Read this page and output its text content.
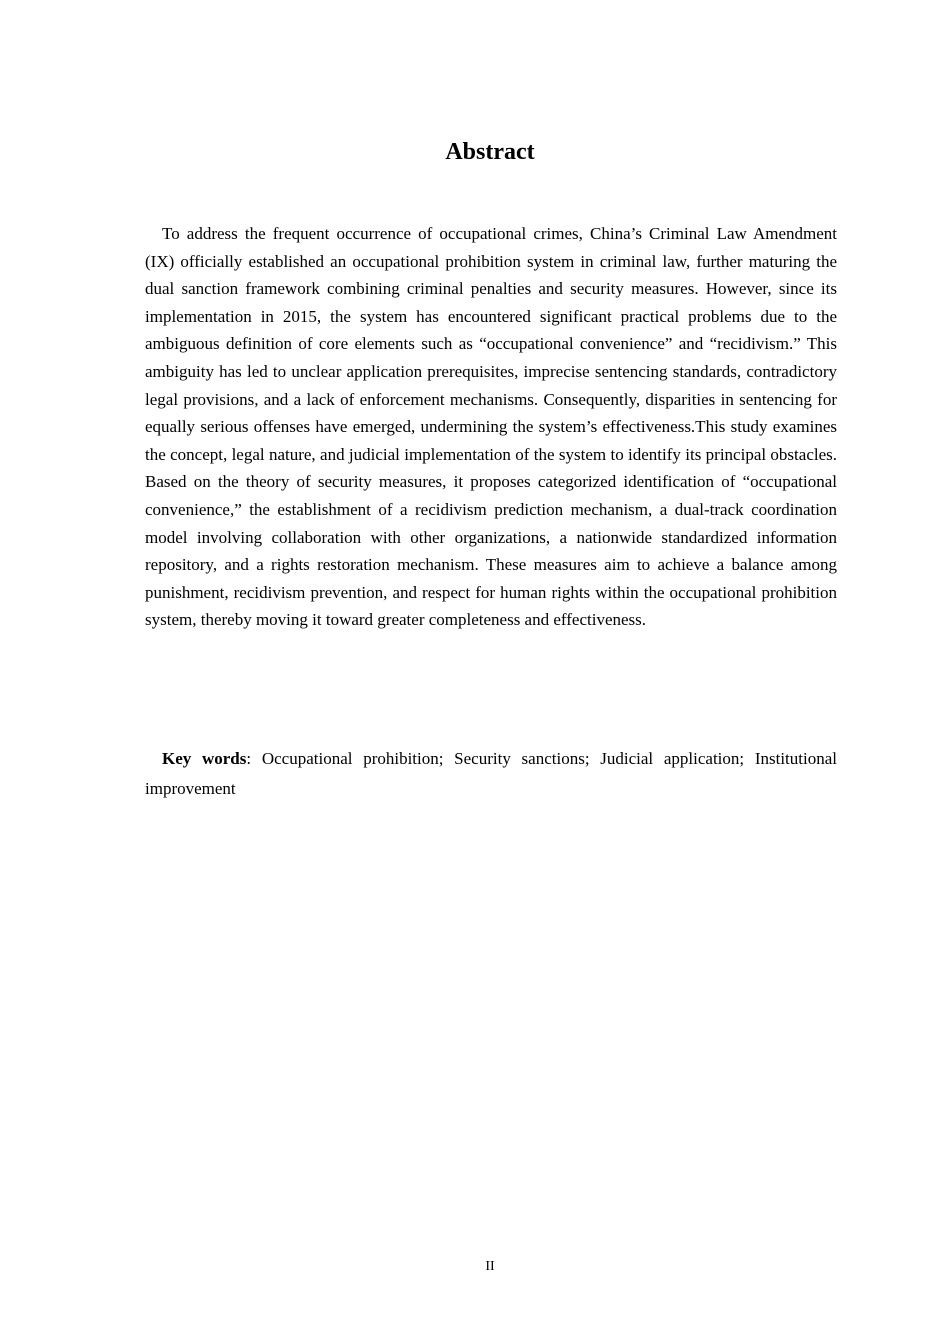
Abstract

To address the frequent occurrence of occupational crimes, China’s Criminal Law Amendment (IX) officially established an occupational prohibition system in criminal law, further maturing the dual sanction framework combining criminal penalties and security measures. However, since its implementation in 2015, the system has encountered significant practical problems due to the ambiguous definition of core elements such as “occupational convenience” and “recidivism.” This ambiguity has led to unclear application prerequisites, imprecise sentencing standards, contradictory legal provisions, and a lack of enforcement mechanisms. Consequently, disparities in sentencing for equally serious offenses have emerged, undermining the system’s effectiveness.This study examines the concept, legal nature, and judicial implementation of the system to identify its principal obstacles. Based on the theory of security measures, it proposes categorized identification of “occupational convenience,” the establishment of a recidivism prediction mechanism, a dual-track coordination model involving collaboration with other organizations, a nationwide standardized information repository, and a rights restoration mechanism. These measures aim to achieve a balance among punishment, recidivism prevention, and respect for human rights within the occupational prohibition system, thereby moving it toward greater completeness and effectiveness.

Key words: Occupational prohibition; Security sanctions; Judicial application; Institutional improvement

II
